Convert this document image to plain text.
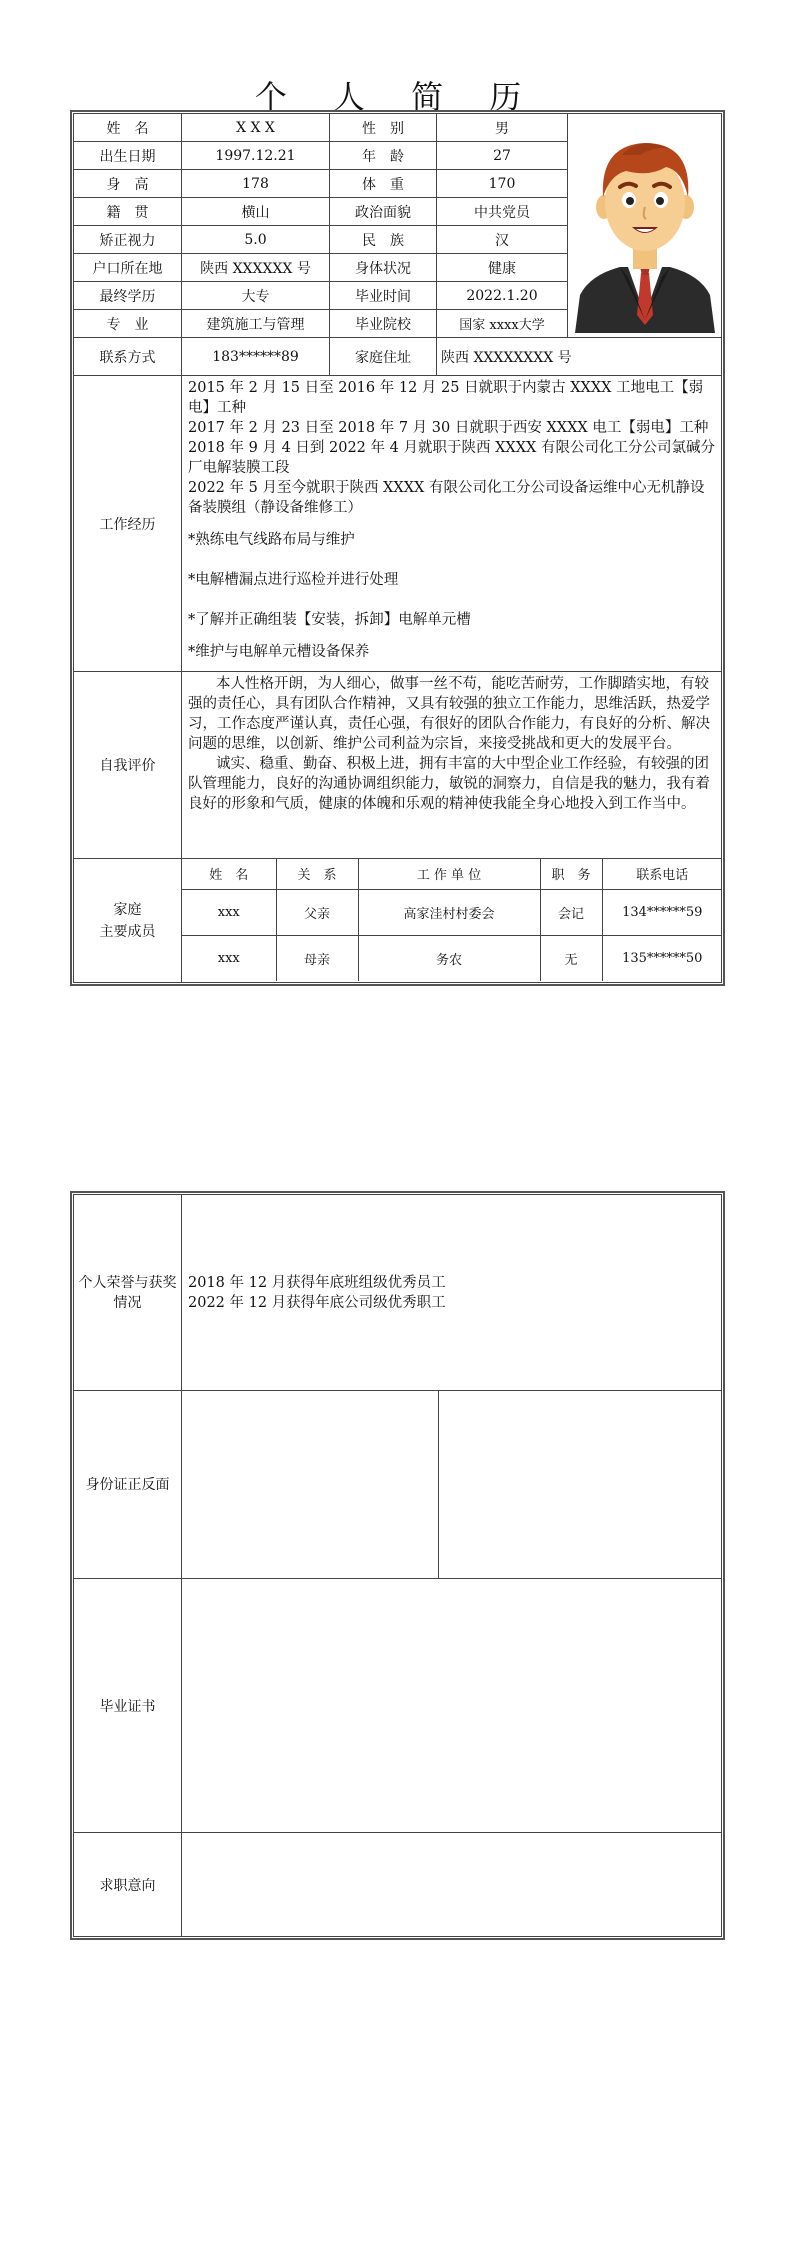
个 人 简 历
姓　名	X X X	性　别	男	
出生日期	1997.12.21	年　龄	27
身　高	178	体　重	170
籍　贯	横山	政治面貌	中共党员
矫正视力	5.0	民　族	汉
户口所在地	陕西 XXXXXX 号	身体状况	健康
最终学历	大专	毕业时间	2022.1.20
专　业	建筑施工与管理	毕业院校	国家 xxxx大学
联系方式	183******89	家庭住址	陕西 XXXXXXXX 号
工作经历	

2015 年 2 月 15 日至 2016 年 12 月 25 日就职于内蒙古 XXXX 工地电工【弱电】工种

2017 年 2 月 23 日至 2018 年 7 月 30 日就职于西安 XXXX 电工【弱电】工种

2018 年 9 月 4 日到 2022 年 4 月就职于陕西 XXXX 有限公司化工分公司氯碱分厂电解装膜工段

2022 年 5 月至今就职于陕西 XXXX 有限公司化工分公司设备运维中心无机静设备装膜组（静设备维修工）

*熟练电气线路布局与维护

*电解槽漏点进行巡检并进行处理

*了解并正确组装【安装，拆卸】电解单元槽

*维护与电解单元槽设备保养

自我评价	

本人性格开朗，为人细心，做事一丝不苟，能吃苦耐劳，工作脚踏实地，有较强的责任心，具有团队合作精神，又具有较强的独立工作能力，思维活跃，热爱学习，工作态度严谨认真，责任心强，有很好的团队合作能力，有良好的分析、解决问题的思维，以创新、维护公司利益为宗旨，来接受挑战和更大的发展平台。

诚实、稳重、勤奋、积极上进，拥有丰富的大中型企业工作经验，有较强的团队管理能力，良好的沟通协调组织能力，敏锐的洞察力，自信是我的魅力，我有着良好的形象和气质，健康的体魄和乐观的精神使我能全身心地投入到工作当中。

家庭
主要成员	
姓　名	关　系	工 作 单 位	职　务	联系电话
xxx	父亲	高家洼村村委会	会记	134******59
xxx	母亲	务农	无	135******50
个人荣誉与获奖情况	2018 年 12 月获得年底班组级优秀员工

2022 年 12 月获得年底公司级优秀职工	

身份证正反面		
毕业证书		
求职意向		
